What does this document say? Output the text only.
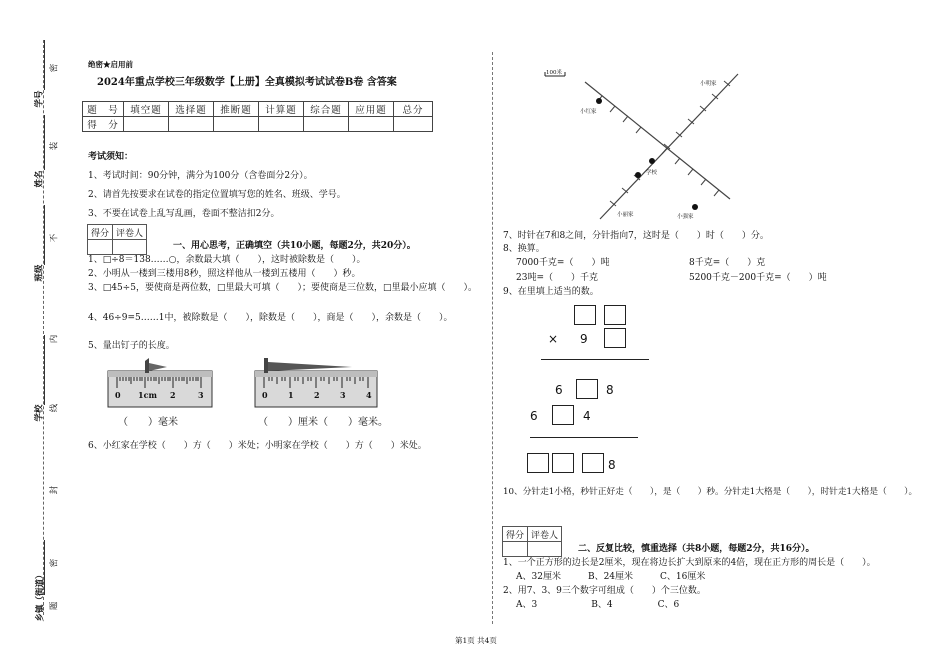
学号
姓名
班级
学校
乡镇（街道）
密
装
不
内
线
封
密
题
绝密★启用前
2024年重点学校三年级数学【上册】全真模拟考试试卷B卷 含答案
题　号	填空题	选择题	推断题	计算题	综合题	应用题	总分
得　分							
考试须知：
1、考试时间：90分钟，满分为100分（含卷面分2分）。
2、请首先按要求在试卷的指定位置填写您的姓名、班级、学号。
3、不要在试卷上乱写乱画，卷面不整洁扣2分。
得分	评卷人

一、用心思考，正确填空（共10小题，每题2分，共20分）。
1、□÷8＝138……○，余数最大填（　　），这时被除数是（　　）。
2、小明从一楼到三楼用8秒，照这样他从一楼到五楼用（　　）秒。
3、□45÷5，要使商是两位数，□里最大可填（　　）；要使商是三位数，□里最小应填（　　）。
4、46÷9=5……1中，被除数是（　　），除数是（　　），商是（　　），余数是（　　）。
5、量出钉子的长度。
0 1cm 2	3
（　　）毫米
0	1	2	3	4
（　　）厘米（　　）毫米。
6、小红家在学校（　　）方（　　）米处；小明家在学校（　　）方（　　）米处。
100米
小明家
小红家
学校
小丽家	小强家
7、时针在7和8之间，分针指向7，这时是（　　）时（　　）分。
8、换算。
7000千克=（　　）吨	8千克=（　　）克
23吨=（　　）千克	5200千克－200千克=（　　）吨
9、在里填上适当的数。
× 9
6	8
6	4
8
10、分针走1小格，秒针正好走（　　），是（　　）秒。分针走1大格是（　　），时针走1大格是（　　）。
得分	评卷人

二、反复比较，慎重选择（共8小题，每题2分，共16分）。
1、一个正方形的边长是2厘米，现在将边长扩大到原来的4倍，现在正方形的周长是（　　）。
A、32厘米　　　B、24厘米　　　C、16厘米
2、用7、3、9三个数字可组成（　　）个三位数。
A、3　　　　　　B、4　　　　　C、6
第1页 共4页
